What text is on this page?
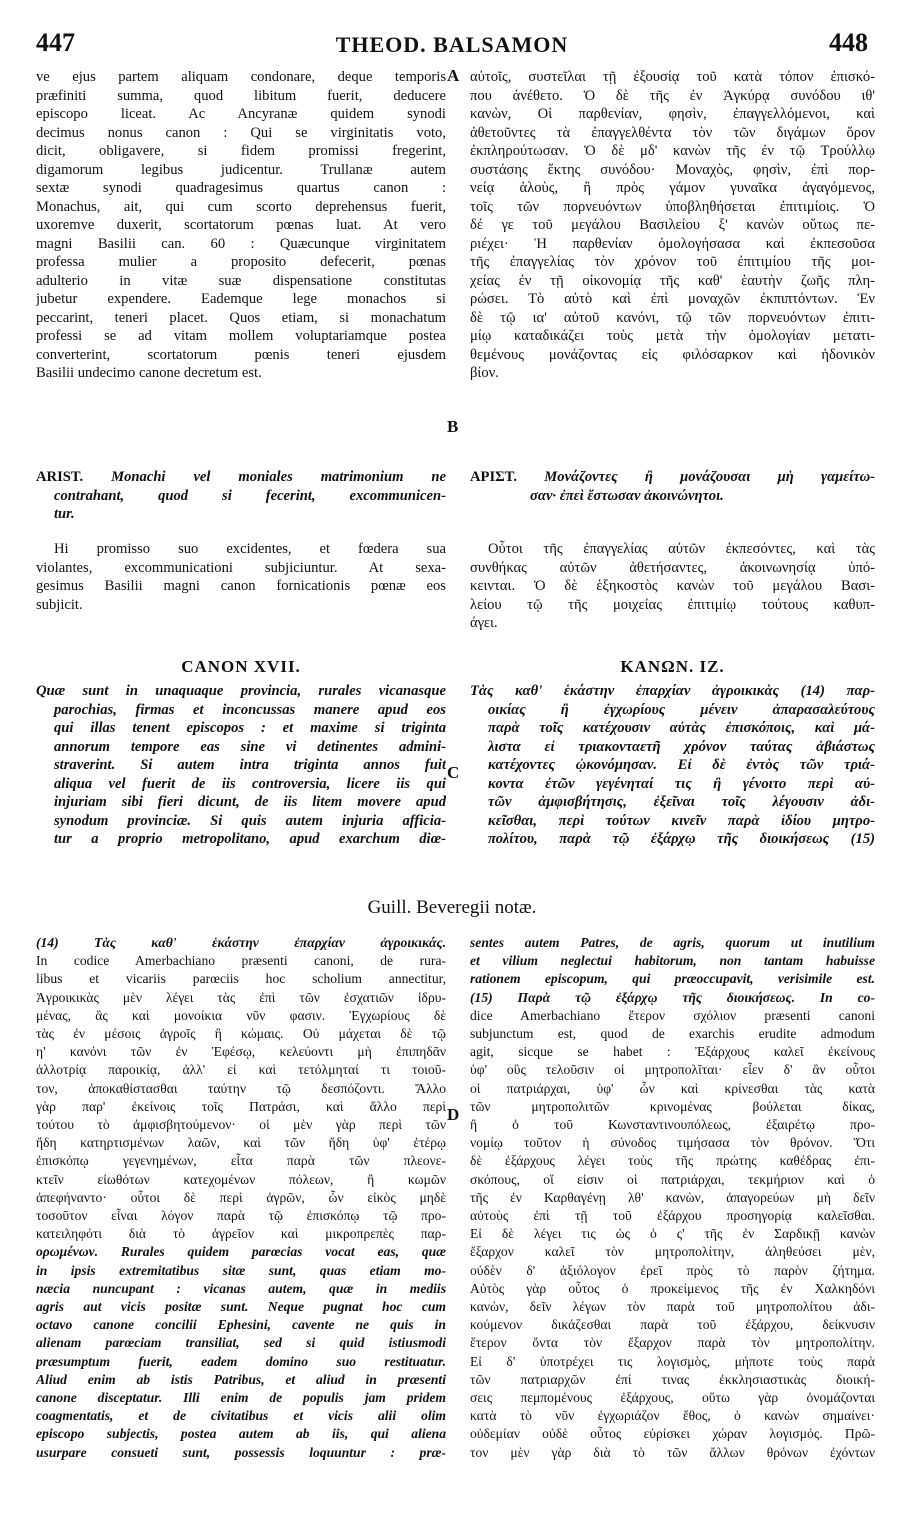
447	THEOD. BALSAMON	448
A
B
C
D
ve ejus partem aliquam condonare, deque temporis
præfiniti summa, quod libitum fuerit, deducere
episcopo liceat. Ac Ancyranæ quidem synodi
decimus nonus canon : Qui se virginitatis voto,
dicit, obligavere, si fidem promissi fregerint,
digamorum legibus judicentur. Trullanæ autem
sextæ synodi quadragesimus quartus canon :
Monachus, ait, qui cum scorto deprehensus fuerit,
uxoremve duxerit, scortatorum pœnas luat. At vero
magni Basilii can. 60 : Quæcunque virginitatem
professa mulier a proposito defecerit, pœnas
adulterio in vitæ suæ dispensatione constitutas
jubetur expendere. Eademque lege monachos si
peccarint, teneri placet. Quos etiam, si monachatum
professi se ad vitam mollem voluptariamque postea
converterint, scortatorum pœnis teneri ejusdem
Basilii undecimo canone decretum est.
αὐτοῖς, συστεῖλαι τῇ ἐξουσίᾳ τοῦ κατὰ τόπον ἐπισκό-
που ἀνέθετο. Ὁ δὲ τῆς ἐν Ἀγκύρᾳ συνόδου ιθ'
κανὼν, Οἱ παρθενίαν, φησὶν, ἐπαγγελλόμενοι, καὶ
ἀθετοῦντες τὰ ἐπαγγελθέντα τὸν τῶν διγάμων ὅρον
ἐκπληρούτωσαν. Ὁ δὲ μδ' κανὼν τῆς ἐν τῷ Τρούλλῳ
συστάσης ἕκτης συνόδου· Μοναχὸς, φησὶν, ἐπὶ πορ-
νείᾳ ἁλοὺς, ἢ πρὸς γάμον γυναῖκα ἀγαγόμενος,
τοῖς τῶν πορνευόντων ὑποβληθήσεται ἐπιτιμίοις. Ὁ
δέ γε τοῦ μεγάλου Βασιλείου ξ' κανὼν οὕτως πε-
ριέχει· Ἡ παρθενίαν ὁμολογήσασα καὶ ἐκπεσοῦσα
τῆς ἐπαγγελίας τὸν χρόνον τοῦ ἐπιτιμίου τῆς μοι-
χείας ἐν τῇ οἰκονομίᾳ τῆς καθ' ἑαυτὴν ζωῆς πλη-
ρώσει. Τὸ αὐτὸ καὶ ἐπὶ μοναχῶν ἐκπιπτόντων. Ἐν
δὲ τῷ ια' αὐτοῦ κανόνι, τῷ τῶν πορνευόντων ἐπιτι-
μίῳ καταδικάζει τοὺς μετὰ τὴν ὁμολογίαν μετατι-
θεμένους μονάζοντας εἰς φιλόσαρκον καὶ ἡδονικὸν
βίον.
ARIST. Monachi vel moniales matrimonium ne
contrahant, quod si fecerint, excommunicen-
tur.
ΑΡΙΣΤ. Μονάζοντες ἢ μονάζουσαι μὴ γαμείτω-
σαν· ἐπεὶ ἔστωσαν ἀκοινώνητοι.
Hi promisso suo excidentes, et fœdera sua
violantes, excommunicationi subjiciuntur. At sexa-
gesimus Basilii magni canon fornicationis pœnæ eos
subjicit.
Οὗτοι τῆς ἐπαγγελίας αὐτῶν ἐκπεσόντες, καὶ τὰς
συνθήκας αὐτῶν ἀθετήσαντες, ἀκοινωνησίᾳ ὑπό-
κεινται. Ὁ δὲ ἑξηκοστὸς κανὼν τοῦ μεγάλου Βασι-
λείου τῷ τῆς μοιχείας ἐπιτιμίῳ τούτους καθυπ-
άγει.
CANON XVII.	ΚΑΝΩΝ. ΙΖ.
Quæ sunt in unaquaque provincia, rurales vicanasque
parochias, firmas et inconcussas manere apud eos
qui illas tenent episcopos : et maxime si triginta
annorum tempore eas sine vi detinentes admini-
straverint. Si autem intra triginta annos fuit
aliqua vel fuerit de iis controversia, licere iis qui
injuriam sibi fieri dicunt, de iis litem movere apud
synodum provinciæ. Si quis autem injuria afficia-
tur a proprio metropolitano, apud exarchum diœ-
Τὰς καθ' ἑκάστην ἐπαρχίαν ἀγροικικὰς (14) παρ-
οικίας ἢ ἐγχωρίους μένειν ἀπαρασαλεύτους
παρὰ τοῖς κατέχουσιν αὐτὰς ἐπισκόποις, καὶ μά-
λιστα εἰ τριακονταετῆ χρόνον ταύτας ἀβιάστως
κατέχοντες ᾠκονόμησαν. Εἰ δὲ ἐντὸς τῶν τριά-
κοντα ἐτῶν γεγένηταί τις ἢ γένοιτο περὶ αὐ-
τῶν ἀμφισβήτησις, ἐξεῖναι τοῖς λέγουσιν ἀδι-
κεῖσθαι, περὶ τούτων κινεῖν παρὰ ἰδίου μητρο-
πολίτου, παρὰ τῷ ἐξάρχῳ τῆς διοικήσεως (15)
Guill. Beveregii notæ.
(14) Τὰς καθ' ἑκάστην ἐπαρχίαν ἀγροικικάς.
In codice Amerbachiano præsenti canoni, de rura-
libus et vicariis parœciis hoc scholium annectitur,
Ἀγροικικὰς μὲν λέγει τὰς ἐπὶ τῶν ἐσχατιῶν ἱδρυ-
μένας, ἃς καὶ μονοίκια νῦν φασιν. Ἐγχωρίους δὲ
τὰς ἐν μέσοις ἀγροῖς ἢ κώμαις. Οὐ μάχεται δὲ τῷ
η' κανόνι τῶν ἐν Ἐφέσῳ, κελεύοντι μὴ ἐπιπηδᾶν
ἀλλοτρίᾳ παροικίᾳ, ἀλλ' εἰ καὶ τετόλμηταί τι τοιοῦ-
τον, ἀποκαθίστασθαι ταύτην τῷ δεσπόζοντι. Ἄλλο
γὰρ παρ' ἐκείνοις τοῖς Πατράσι, καὶ ἄλλο περὶ
τούτου τὸ ἀμφισβητούμενον· οἱ μὲν γὰρ περὶ τῶν
ἤδη κατηρτισμένων λαῶν, καὶ τῶν ἤδη ὑφ' ἑτέρῳ
ἐπισκόπῳ γεγενημένων, εἶτα παρὰ τῶν πλεονε-
κτεῖν εἰωθότων κατεχομένων πόλεων, ἢ κωμῶν
ἀπεφήναντο· οὗτοι δὲ περὶ ἀγρῶν, ὧν εἰκὸς μηδὲ
τοσοῦτον εἶναι λόγον παρὰ τῷ ἐπισκόπῳ τῷ προ-
κατειληφότι διὰ τὸ ἀγρεῖον καὶ μικροπρεπὲς παρ-
ορωμένων. Rurales quidem parœcias vocat eas, quæ
in ipsis extremitatibus sitæ sunt, quas etiam mo-
næcia nuncupant : vicanas autem, quæ in mediis
agris aut vicis positæ sunt. Neque pugnat hoc cum
octavo canone concilii Ephesini, cavente ne quis in
alienam parœciam transiliat, sed si quid istiusmodi
præsumptum fuerit, eadem domino suo restituatur.
Aliud enim ab istis Patribus, et aliud in præsenti
canone disceptatur. Illi enim de populis jam pridem
coagmentatis, et de civitatibus et vicis alii olim
episcopo subjectis, postea autem ab iis, qui aliena
usurpare consueti sunt, possessis loquuntur : præ-
sentes autem Patres, de agris, quorum ut inutilium
et vilium neglectui habitorum, non tantam habuisse
rationem episcopum, qui præoccupavit, verisimile est.
(15) Παρὰ τῷ ἐξάρχῳ τῆς διοικήσεως. In co-
dice Amerbachiano ἕτερον σχόλιον præsenti canoni
subjunctum est, quod de exarchis erudite admodum
agit, sicque se habet : Ἐξάρχους καλεῖ ἐκείνους
ὑφ' οὓς τελοῦσιν οἱ μητροπολῖται· εἶεν δ' ἂν οὗτοι
οἱ πατριάρχαι, ὑφ' ὧν καὶ κρίνεσθαι τὰς κατὰ
τῶν μητροπολιτῶν κρινομένας βούλεται δίκας,
ἢ ὁ τοῦ Κωνσταντινουπόλεως, ἐξαιρέτῳ προ-
νομίῳ τοῦτον ἡ σύνοδος τιμήσασα τὸν θρόνον. Ὅτι
δὲ ἐξάρχους λέγει τοὺς τῆς πρώτης καθέδρας ἐπι-
σκόπους, οἵ εἰσιν οἱ πατριάρχαι, τεκμήριον καὶ ὁ
τῆς ἐν Καρθαγένῃ λθ' κανὼν, ἀπαγορεύων μὴ δεῖν
αὐτοὺς ἐπὶ τῇ τοῦ ἐξάρχου προσηγορίᾳ καλεῖσθαι.
Εἰ δὲ λέγει τις ὡς ὁ ς' τῆς ἐν Σαρδικῇ κανὼν
ἔξαρχον καλεῖ τὸν μητροπολίτην, ἀληθεύσει μὲν,
οὐδὲν δ' ἀξιόλογον ἐρεῖ πρὸς τὸ παρὸν ζήτημα.
Αὐτὸς γὰρ οὗτος ὁ προκείμενος τῆς ἐν Χαλκηδόνι
κανὼν, δεῖν λέγων τὸν παρὰ τοῦ μητροπολίτου ἀδι-
κούμενον δικάζεσθαι παρὰ τοῦ ἐξάρχου, δείκνυσιν
ἕτερον ὄντα τὸν ἔξαρχον παρὰ τὸν μητροπολίτην.
Εἰ δ' ὑποτρέχει τις λογισμὸς, μήποτε τοὺς παρὰ
τῶν πατριαρχῶν ἐπί τινας ἐκκλησιαστικὰς διοική-
σεις πεμπομένους ἐξάρχους, οὕτω γὰρ ὀνομάζονται
κατὰ τὸ νῦν ἐγχωριάζον ἔθος, ὁ κανὼν σημαίνει·
οὐδεμίαν οὐδὲ οὗτος εὑρίσκει χώραν λογισμός. Πρῶ-
τον μὲν γὰρ διὰ τὸ τῶν ἄλλων θρόνων ἐχόντων
